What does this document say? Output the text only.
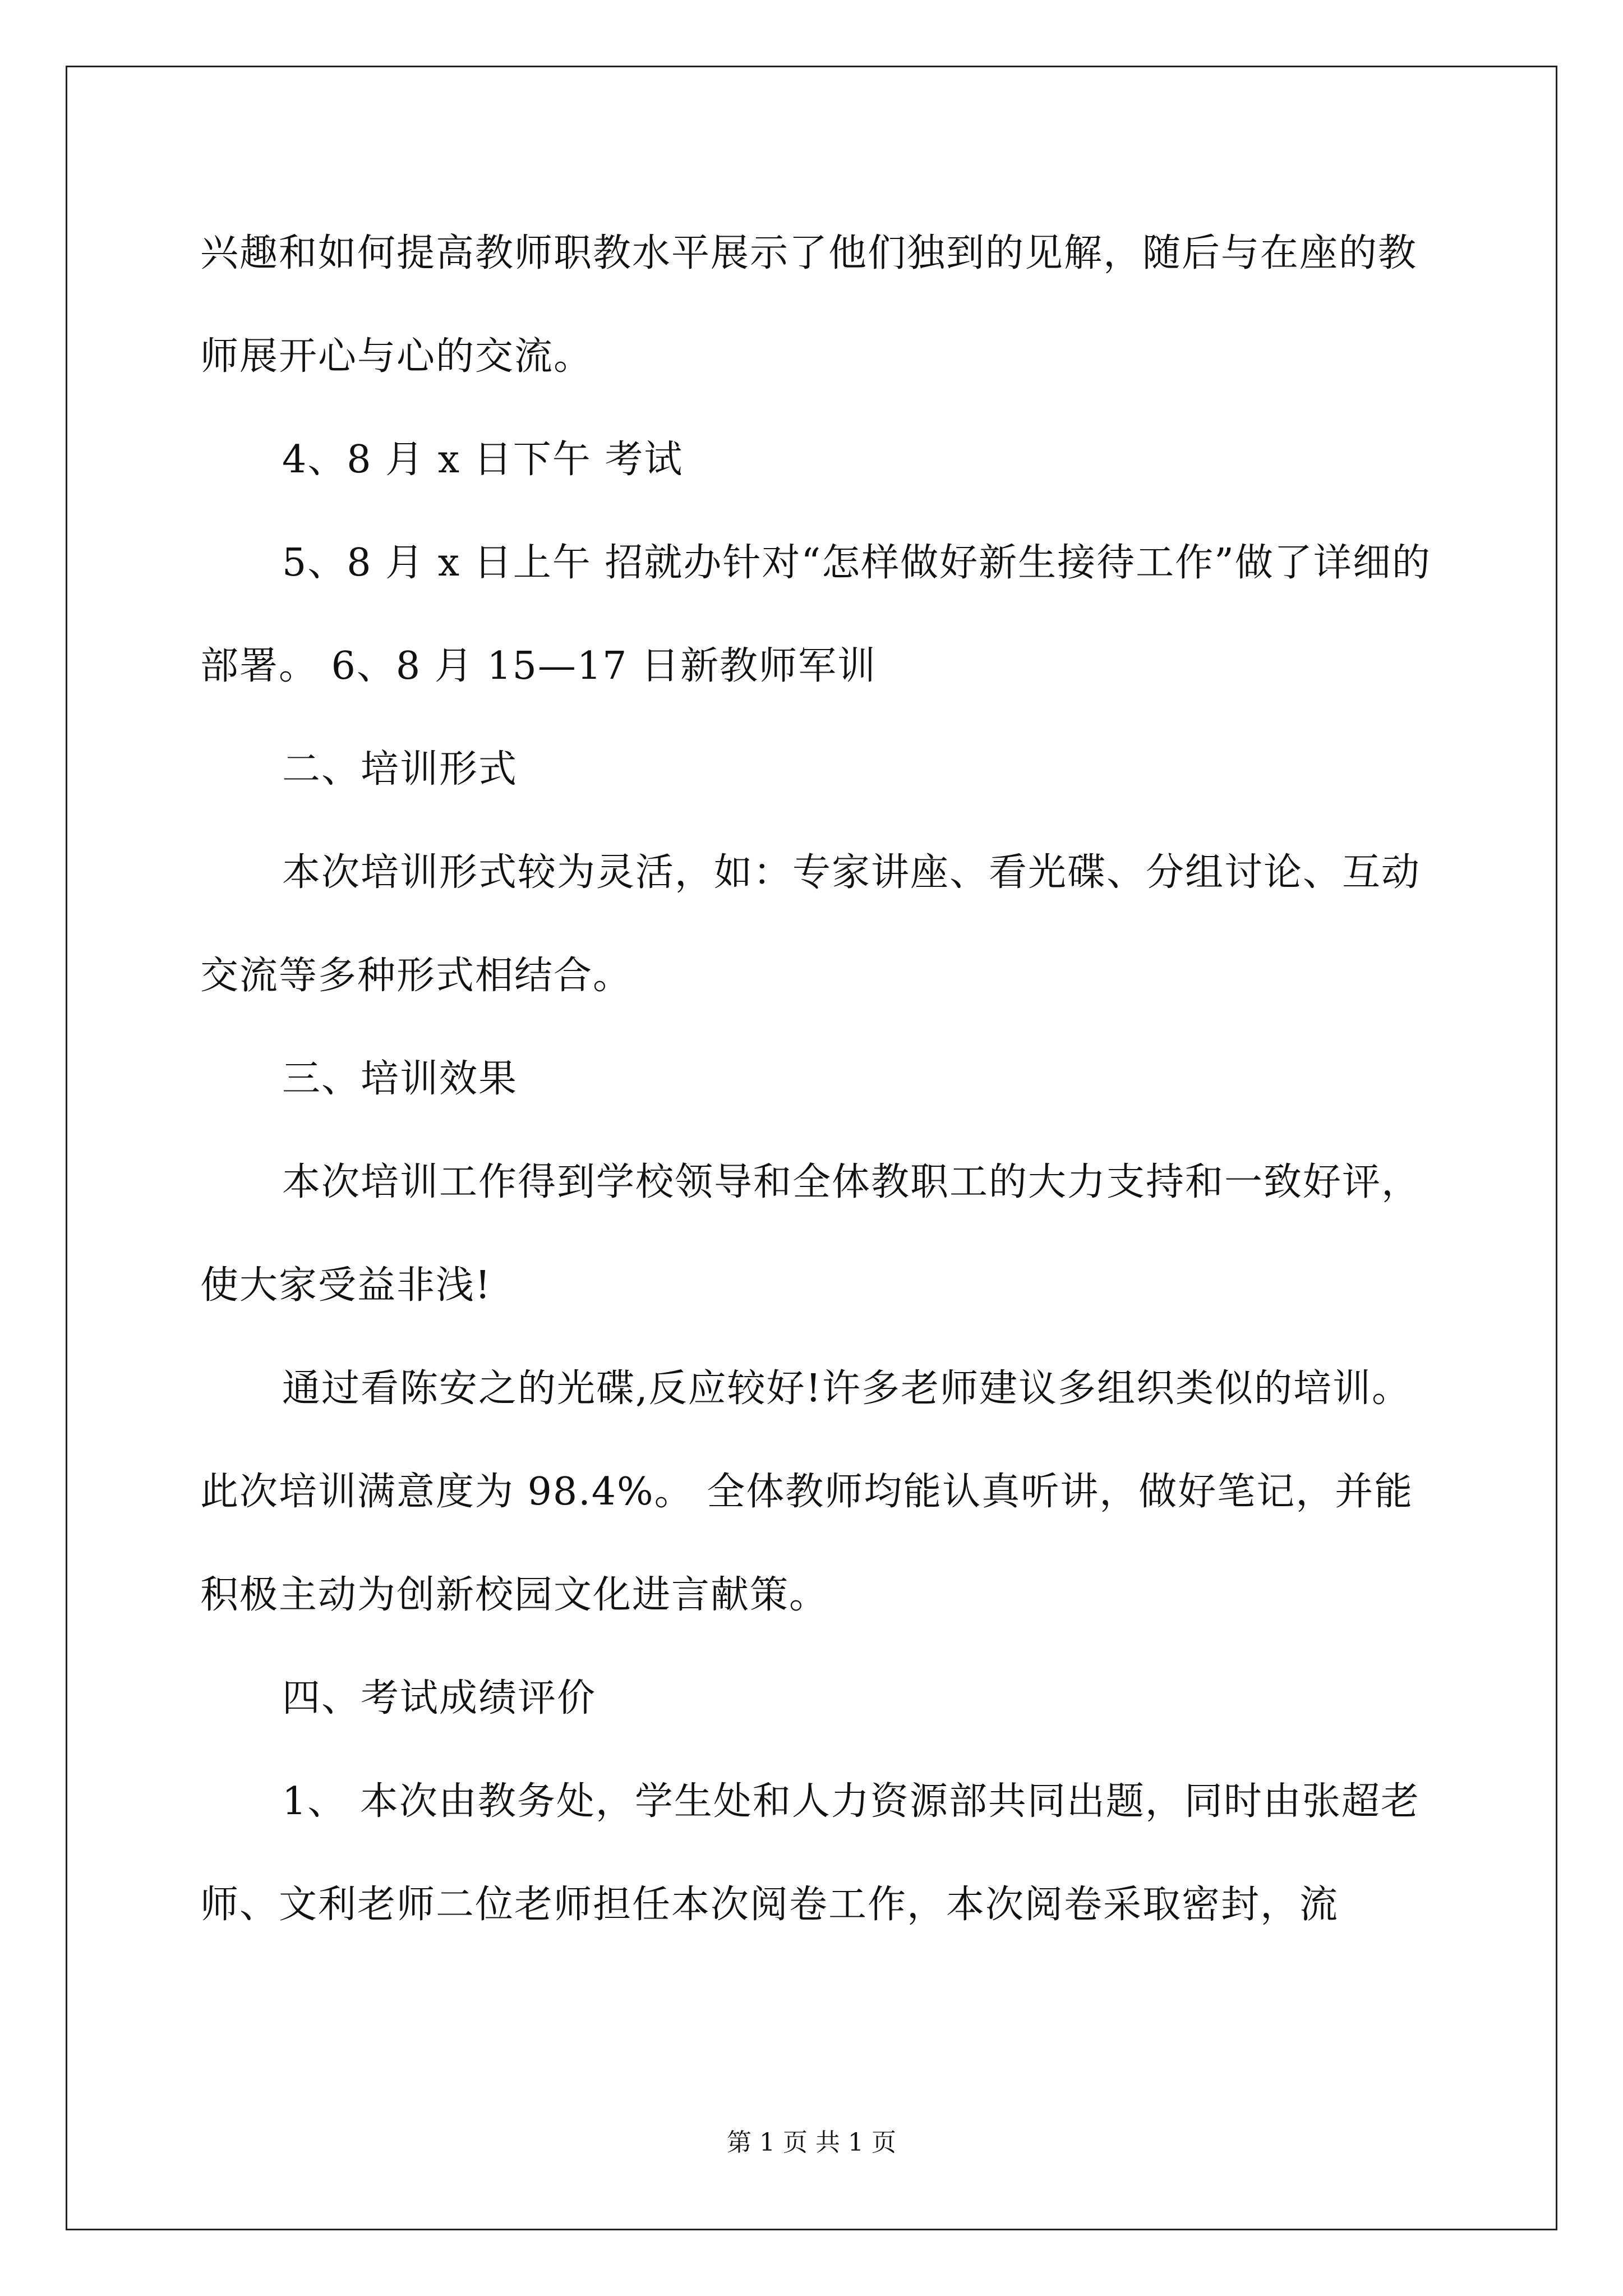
兴趣和如何提高教师职教水平展示了他们独到的见解，随后与在座的教师展开心与心的交流。

4、8 月 x 日下午 考试

5、8 月 x 日上午 招就办针对“怎样做好新生接待工作”做了详细的部署。 6、8 月 15—17 日新教师军训

二、培训形式

本次培训形式较为灵活，如：专家讲座、看光碟、分组讨论、互动交流等多种形式相结合。

三、培训效果

本次培训工作得到学校领导和全体教职工的大力支持和一致好评，使大家受益非浅!

通过看陈安之的光碟,反应较好!许多老师建议多组织类似的培训。此次培训满意度为 98.4%。 全体教师均能认真听讲，做好笔记，并能积极主动为创新校园文化进言献策。

四、考试成绩评价

1、 本次由教务处，学生处和人力资源部共同出题，同时由张超老师、文利老师二位老师担任本次阅卷工作，本次阅卷采取密封，流

第 1 页 共 1 页
